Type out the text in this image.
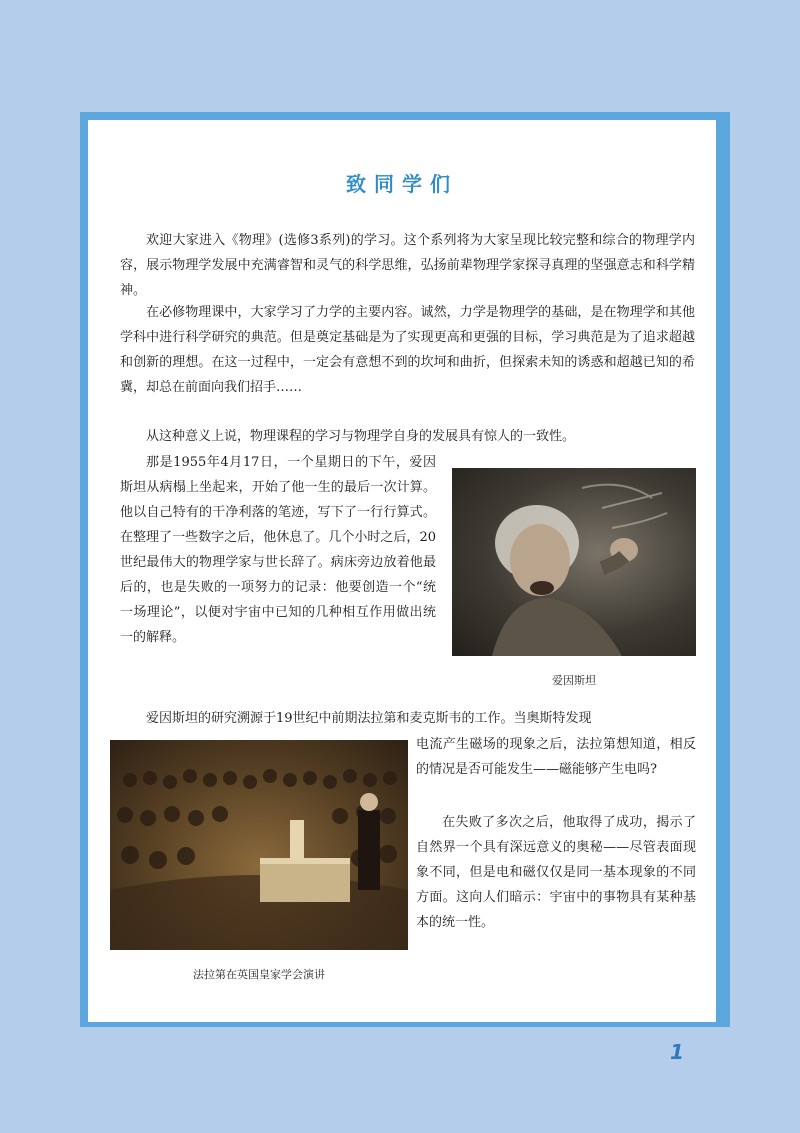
致同学们

欢迎大家进入《物理》(选修3系列)的学习。这个系列将为大家呈现比较完整和综合的物理学内容，展示物理学发展中充满睿智和灵气的科学思维，弘扬前辈物理学家探寻真理的坚强意志和科学精神。

在必修物理课中，大家学习了力学的主要内容。诚然，力学是物理学的基础，是在物理学和其他学科中进行科学研究的典范。但是奠定基础是为了实现更高和更强的目标，学习典范是为了追求超越和创新的理想。在这一过程中，一定会有意想不到的坎坷和曲折，但探索未知的诱惑和超越已知的希冀，却总在前面向我们招手……

从这种意义上说，物理课程的学习与物理学自身的发展具有惊人的一致性。

那是1955年4月17日，一个星期日的下午，爱因斯坦从病榻上坐起来，开始了他一生的最后一次计算。他以自己特有的干净利落的笔迹，写下了一行行算式。在整理了一些数字之后，他休息了。几个小时之后，20世纪最伟大的物理学家与世长辞了。病床旁边放着他最后的，也是失败的一项努力的记录：他要创造一个“统一场理论”，以便对宇宙中已知的几种相互作用做出统一的解释。

爱因斯坦

爱因斯坦的研究溯源于19世纪中前期法拉第和麦克斯韦的工作。当奥斯特发现

法拉第在英国皇家学会演讲

电流产生磁场的现象之后，法拉第想知道，相反的情况是否可能发生——磁能够产生电吗?

在失败了多次之后，他取得了成功，揭示了自然界一个具有深远意义的奥秘——尽管表面现象不同，但是电和磁仅仅是同一基本现象的不同方面。这向人们暗示：宇宙中的事物具有某种基本的统一性。

1
